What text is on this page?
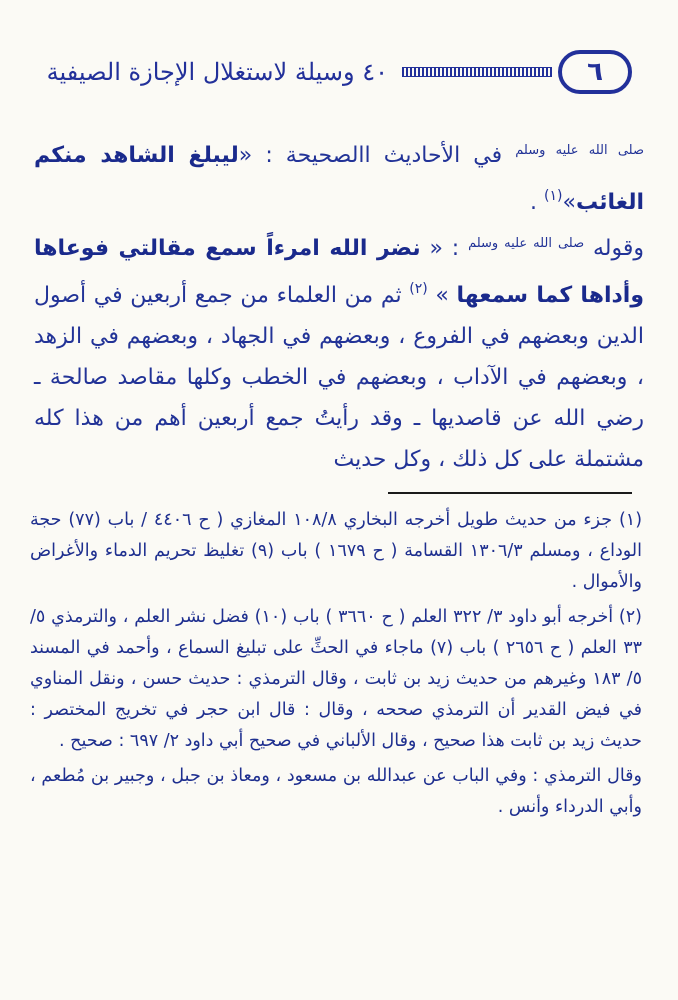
٦
٤٠ وسيلة لاستغلال الإجازة الصيفية

$^{صلى الله عليه وسلم}$ في الأحاديث االصحيحة : «ليبلغ الشاهد منكم الغائب»$^{(١)}$ .

وقوله $^{صلى الله عليه وسلم}$ : « نضر الله امرءاً سمع مقالتي فوعاها وأداها كما سمعها » $^{(٢)}$ ثم من العلماء من جمع أربعين في أصول الدين وبعضهم في الفروع ، وبعضهم في الجهاد ، وبعضهم في الزهد ، وبعضهم في الآداب ، وبعضهم في الخطب وكلها مقاصد صالحة ـ رضي الله عن قاصديها ـ وقد رأيتُ جمع أربعين أهم من هذا كله مشتملة على كل ذلك ، وكل حديث

(١) جزء من حديث طويل أخرجه البخاري ١٠٨/٨ المغازي ( ح ٤٤٠٦ / باب (٧٧) حجة الوداع ، ومسلم ١٣٠٦/٣ القسامة ( ح ١٦٧٩ ) باب (٩) تغليظ تحريم الدماء والأغراض والأموال .

(٢) أخرجه أبو داود ٣/ ٣٢٢ العلم ( ح ٣٦٦٠ ) باب (١٠) فضل نشر العلم ، والترمذي ٥/ ٣٣ العلم ( ح ٢٦٥٦ ) باب (٧) ماجاء في الحثِّ على تبليغ السماع ، وأحمد في المسند ٥/ ١٨٣ وغيرهم من حديث زيد بن ثابت ، وقال الترمذي : حديث حسن ، ونقل المناوي في فيض القدير أن الترمذي صححه ، وقال : قال ابن حجر في تخريج المختصر : حديث زيد بن ثابت هذا صحيح ، وقال الألباني في صحيح أبي داود ٢/ ٦٩٧ : صحيح .

وقال الترمذي : وفي الباب عن عبدالله بن مسعود ، ومعاذ بن جبل ، وجبير بن مُطعم ، وأبي الدرداء وأنس .
